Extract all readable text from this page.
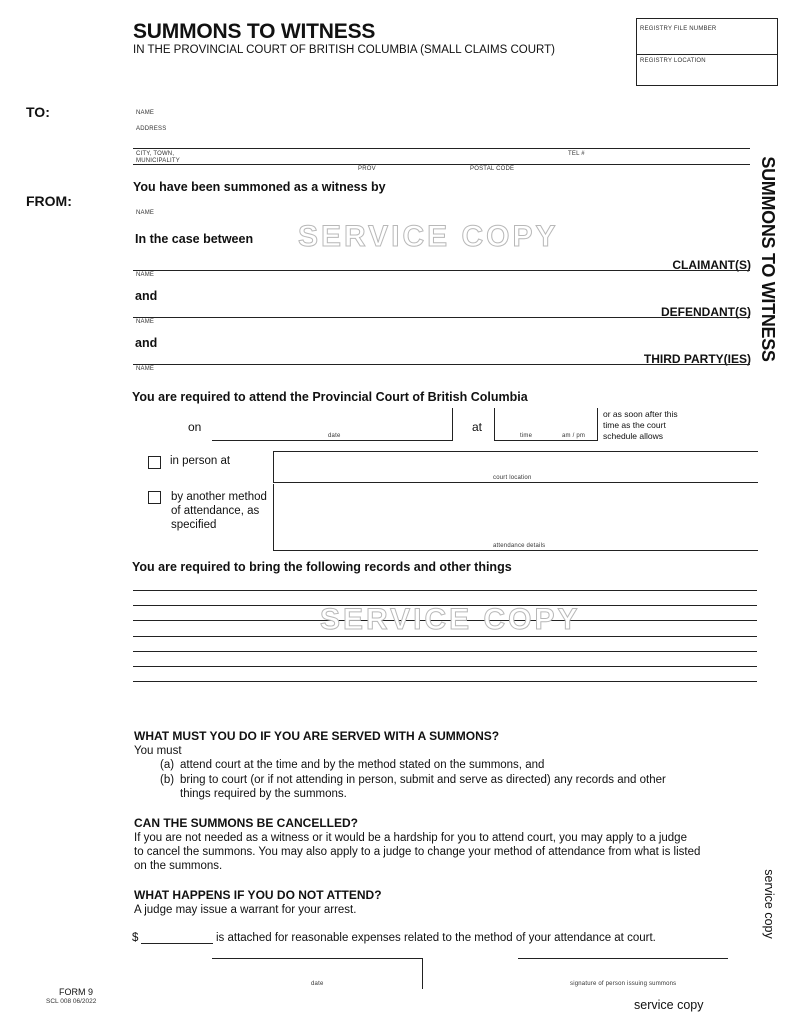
SUMMONS TO WITNESS
IN THE PROVINCIAL COURT OF BRITISH COLUMBIA (SMALL CLAIMS COURT)
REGISTRY FILE NUMBER
REGISTRY LOCATION
TO:	NAME
ADDRESS
CITY, TOWN, MUNICIPALITY
TEL #
PROV	POSTAL CODE
FROM:
You have been summoned as a witness by
NAME
In the case between SERVICE COPY
CLAIMANT(S)
NAME
and
DEFENDANT(S)
NAME
and
THIRD PARTY(IES)
NAME
SUMMONS TO WITNESS
You are required to attend the Provincial Court of British Columbia
on
date
at
time	am / pm
or as soon after this time as the court schedule allows
in person at
court location
by another method of attendance, as specified
attendance details
You are required to bring the following records and other things
SERVICE COPY
WHAT MUST YOU DO IF YOU ARE SERVED WITH A SUMMONS?
You must
(a) attend court at the time and by the method stated on the summons, and
(b) bring to court (or if not attending in person, submit and serve as directed) any records and other
things required by the summons.
CAN THE SUMMONS BE CANCELLED?
If you are not needed as a witness or it would be a hardship for you to attend court, you may apply to a judge
to cancel the summons. You may also apply to a judge to change your method of attendance from what is listed
on the summons.
WHAT HAPPENS IF YOU DO NOT ATTEND?
A judge may issue a warrant for your arrest.
$	is attached for reasonable expenses related to the method of your attendance at court.
date	signature of person issuing summons
FORM 9
SCL 008 06/2022	service copy
service copy
